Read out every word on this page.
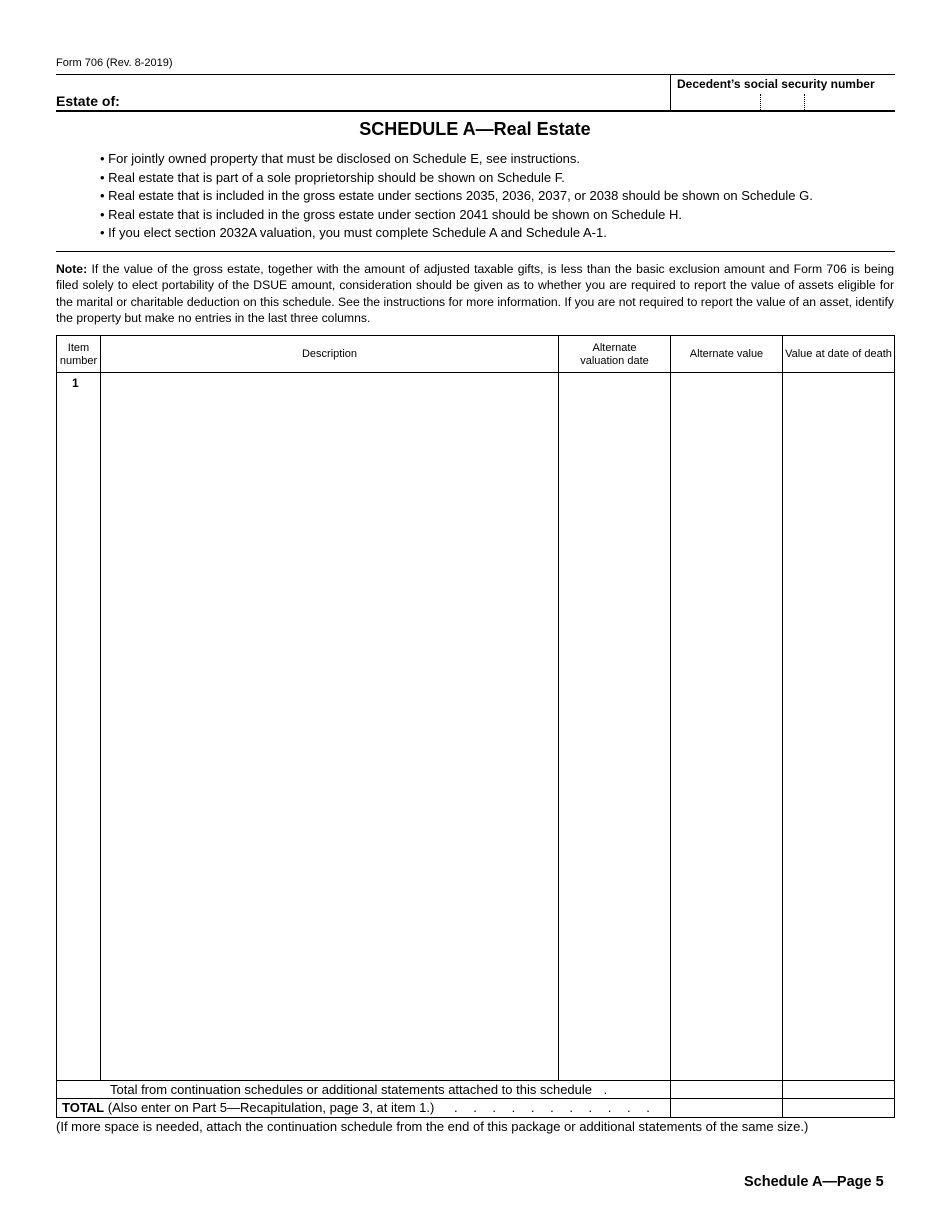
Form 706 (Rev. 8-2019)
Estate of:
Decedent’s social security number
SCHEDULE A—Real Estate
• For jointly owned property that must be disclosed on Schedule E, see instructions.
• Real estate that is part of a sole proprietorship should be shown on Schedule F.
• Real estate that is included in the gross estate under sections 2035, 2036, 2037, or 2038 should be shown on Schedule G.
• Real estate that is included in the gross estate under section 2041 should be shown on Schedule H.
• If you elect section 2032A valuation, you must complete Schedule A and Schedule A-1.
Note: If the value of the gross estate, together with the amount of adjusted taxable gifts, is less than the basic exclusion amount and Form 706 is being filed solely to elect portability of the DSUE amount, consideration should be given as to whether you are required to report the value of assets eligible for the marital or charitable deduction on this schedule. See the instructions for more information. If you are not required to report the value of an asset, identify the property but make no entries in the last three columns.
Item
number
Description	Alternate
valuation date
Alternate value	Value at date of death
1
Total from continuation schedules or additional statements attached to this schedule .
TOTAL (Also enter on Part 5—Recapitulation, page 3, at item 1.) . . . . . . . . . . .
(If more space is needed, attach the continuation schedule from the end of this package or additional statements of the same size.)
Schedule A—Page 5
